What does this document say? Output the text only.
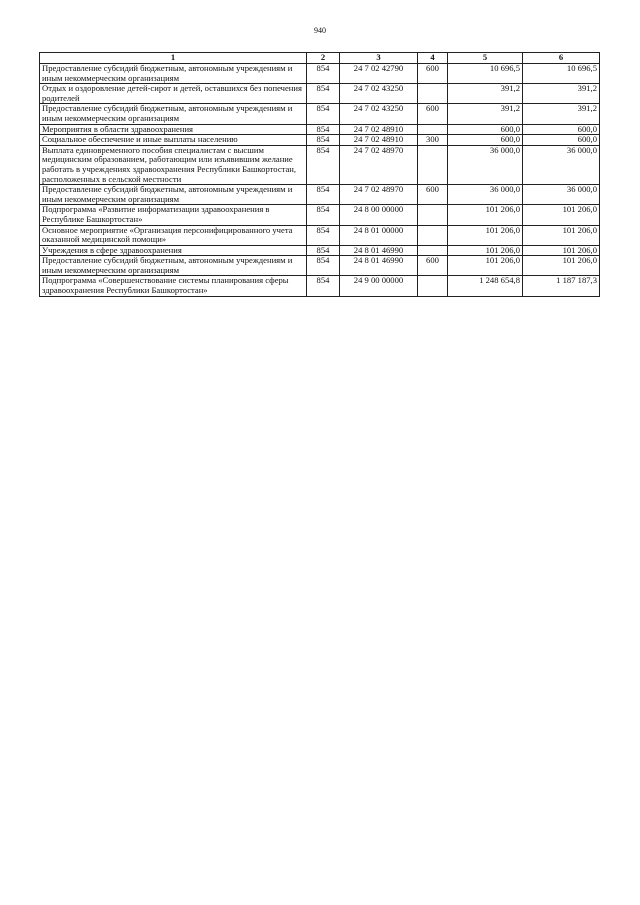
940
1	2	3	4	5	6
Предоставление субсидий бюджетным, автономным учреждениям и иным некоммерческим организациям	854	24 7 02 42790	600	10 696,5	10 696,5
Отдых и оздоровление детей-сирот и детей, оставшихся без попечения родителей	854	24 7 02 43250		391,2	391,2
Предоставление субсидий бюджетным, автономным учреждениям и иным некоммерческим организациям	854	24 7 02 43250	600	391,2	391,2
Мероприятия в области здравоохранения	854	24 7 02 48910		600,0	600,0
Социальное обеспечение и иные выплаты населению	854	24 7 02 48910	300	600,0	600,0
Выплата единовременного пособия специалистам с высшим медицинским образованием, работающим или изъявившим желание работать в учреждениях здравоохранения Республики Башкортостан, расположенных в сельской местности	854	24 7 02 48970		36 000,0	36 000,0
Предоставление субсидий бюджетным, автономным учреждениям и иным некоммерческим организациям	854	24 7 02 48970	600	36 000,0	36 000,0
Подпрограмма «Развитие информатизации здравоохранения в Республике Башкортостан»	854	24 8 00 00000		101 206,0	101 206,0
Основное мероприятие «Организация персонифицированного учета оказанной медицинской помощи»	854	24 8 01 00000		101 206,0	101 206,0
Учреждения в сфере здравоохранения	854	24 8 01 46990		101 206,0	101 206,0
Предоставление субсидий бюджетным, автономным учреждениям и иным некоммерческим организациям	854	24 8 01 46990	600	101 206,0	101 206,0
Подпрограмма «Совершенствование системы планирования сферы здравоохранения Республики Башкортостан»	854	24 9 00 00000		1 248 654,8	1 187 187,3
